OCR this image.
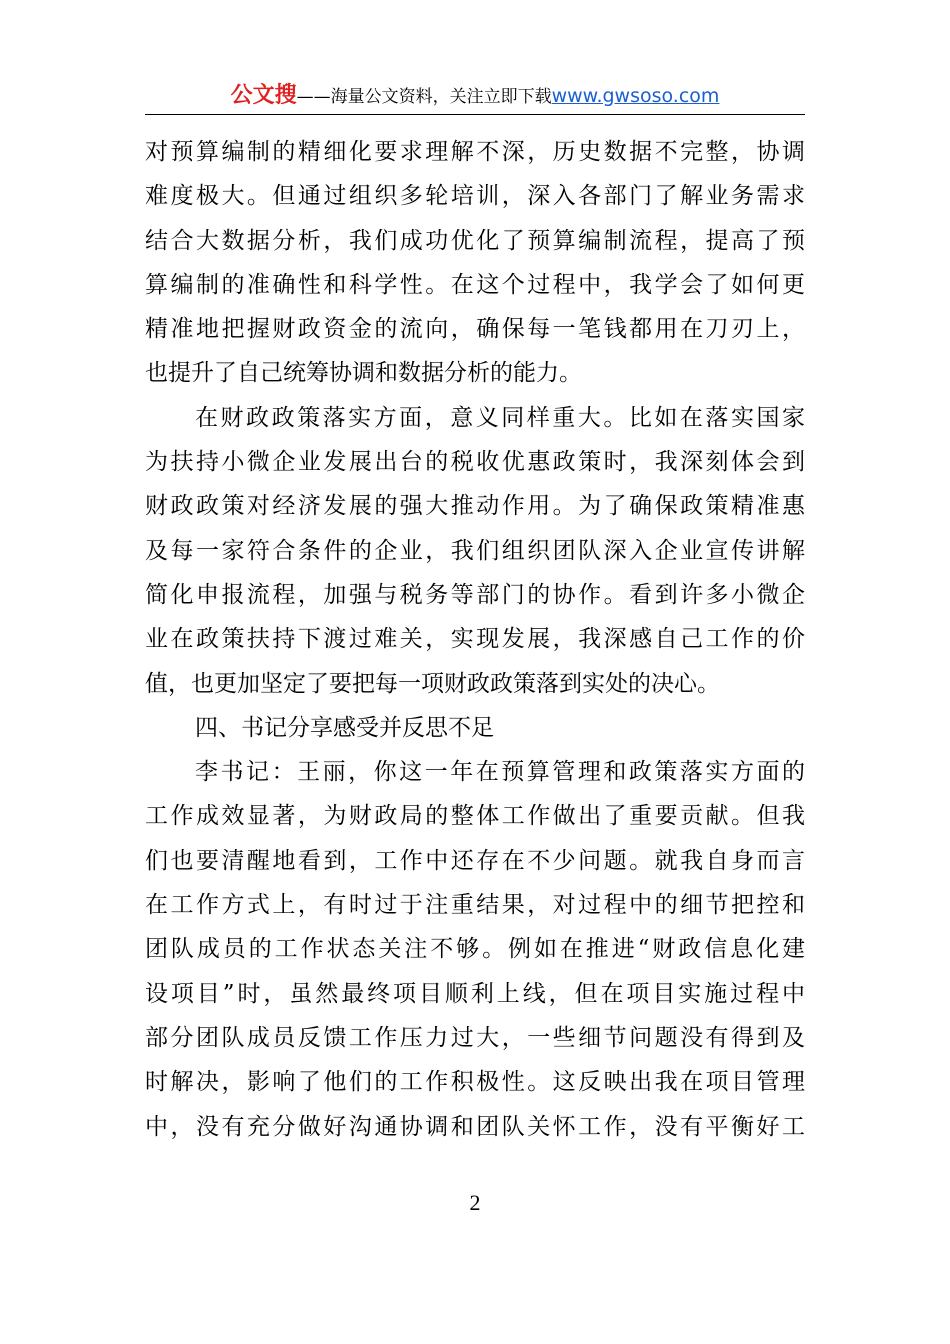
公文搜——海量公文资料，关注立即下载www.gwsoso.com
对预算编制的精细化要求理解不深，历史数据不完整，协调
难度极大。但通过组织多轮培训，深入各部门了解业务需求
结合大数据分析，我们成功优化了预算编制流程，提高了预
算编制的准确性和科学性。在这个过程中，我学会了如何更
精准地把握财政资金的流向，确保每一笔钱都用在刀刃上，
也提升了自己统筹协调和数据分析的能力。
在财政政策落实方面，意义同样重大。比如在落实国家
为扶持小微企业发展出台的税收优惠政策时，我深刻体会到
财政政策对经济发展的强大推动作用。为了确保政策精准惠
及每一家符合条件的企业，我们组织团队深入企业宣传讲解
简化申报流程，加强与税务等部门的协作。看到许多小微企
业在政策扶持下渡过难关，实现发展，我深感自己工作的价
值，也更加坚定了要把每一项财政政策落到实处的决心。
四、书记分享感受并反思不足
李书记：王丽，你这一年在预算管理和政策落实方面的
工作成效显著，为财政局的整体工作做出了重要贡献。但我
们也要清醒地看到，工作中还存在不少问题。就我自身而言
在工作方式上，有时过于注重结果，对过程中的细节把控和
团队成员的工作状态关注不够。例如在推进“财政信息化建
设项目”时，虽然最终项目顺利上线，但在项目实施过程中
部分团队成员反馈工作压力过大，一些细节问题没有得到及
时解决，影响了他们的工作积极性。这反映出我在项目管理
中，没有充分做好沟通协调和团队关怀工作，没有平衡好工
2
